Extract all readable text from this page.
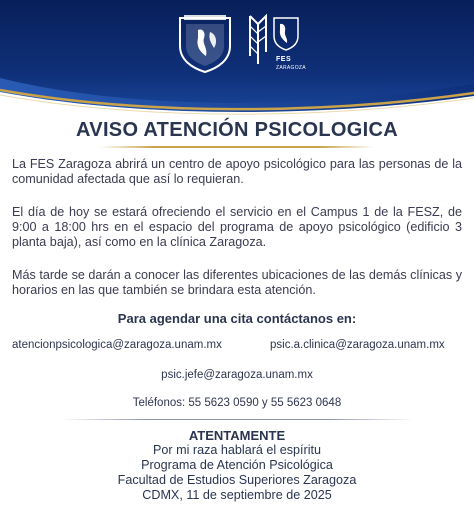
FES
ZARAGOZA
AVISO ATENCIÓN PSICOLOGICA
La FES Zaragoza abrirá un centro de apoyo psicológico para las personas de la comunidad afectada que así lo requieran.
El día de hoy se estará ofreciendo el servicio en el Campus 1 de la FESZ, de 9:00 a 18:00 hrs en el espacio del programa de apoyo psicológico (edificio 3 planta baja), así como en la clínica Zaragoza.
Más tarde se darán a conocer las diferentes ubicaciones de las demás clínicas y horarios en las que también se brindara esta atención.
Para agendar una cita contáctanos en:
atencionpsicologica@zaragoza.unam.mx	psic.a.clinica@zaragoza.unam.mx
psic.jefe@zaragoza.unam.mx
Teléfonos: 55 5623 0590 y 55 5623 0648
ATENTAMENTE
Por mi raza hablará el espíritu
Programa de Atención Psicológica
Facultad de Estudios Superiores Zaragoza
CDMX, 11 de septiembre de 2025
